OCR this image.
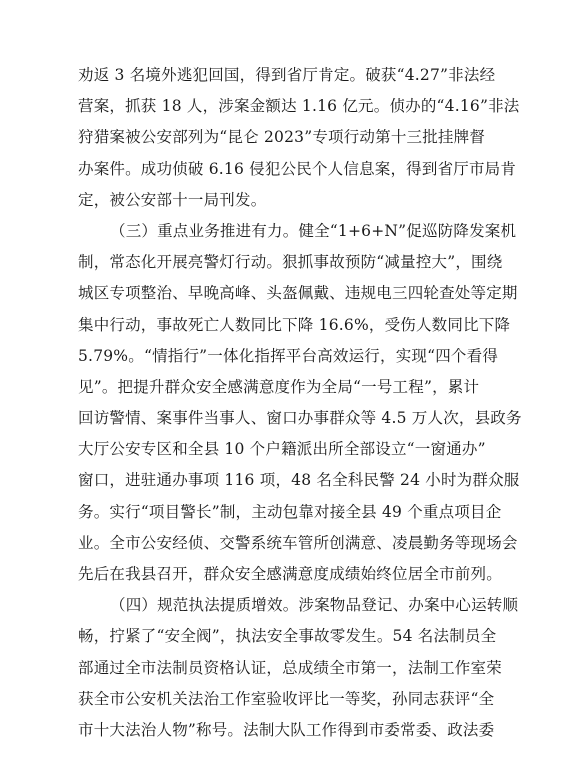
劝返 3 名境外逃犯回国，得到省厅肯定。破获“4.27”非法经
营案，抓获 18 人，涉案金额达 1.16 亿元。侦办的“4.16”非法
狩猎案被公安部列为“昆仑 2023”专项行动第十三批挂牌督
办案件。成功侦破 6.16 侵犯公民个人信息案，得到省厅市局肯
定，被公安部十一局刊发。
（三）重点业务推进有力。健全“1+6+N”促巡防降发案机
制，常态化开展亮警灯行动。狠抓事故预防“减量控大”，围绕
城区专项整治、早晚高峰、头盔佩戴、违规电三四轮查处等定期
集中行动，事故死亡人数同比下降 16.6%，受伤人数同比下降
5.79%。“情指行”一体化指挥平台高效运行，实现“四个看得
见”。把提升群众安全感满意度作为全局“一号工程”，累计
回访警情、案事件当事人、窗口办事群众等 4.5 万人次，县政务
大厅公安专区和全县 10 个户籍派出所全部设立“一窗通办”
窗口，进驻通办事项 116 项，48 名全科民警 24 小时为群众服
务。实行“项目警长”制，主动包靠对接全县 49 个重点项目企
业。全市公安经侦、交警系统车管所创满意、凌晨勤务等现场会
先后在我县召开，群众安全感满意度成绩始终位居全市前列。
（四）规范执法提质增效。涉案物品登记、办案中心运转顺
畅，拧紧了“安全阀”，执法安全事故零发生。54 名法制员全
部通过全市法制员资格认证，总成绩全市第一，法制工作室荣
获全市公安机关法治工作室验收评比一等奖，孙同志获评“全
市十大法治人物”称号。法制大队工作得到市委常委、政法委
